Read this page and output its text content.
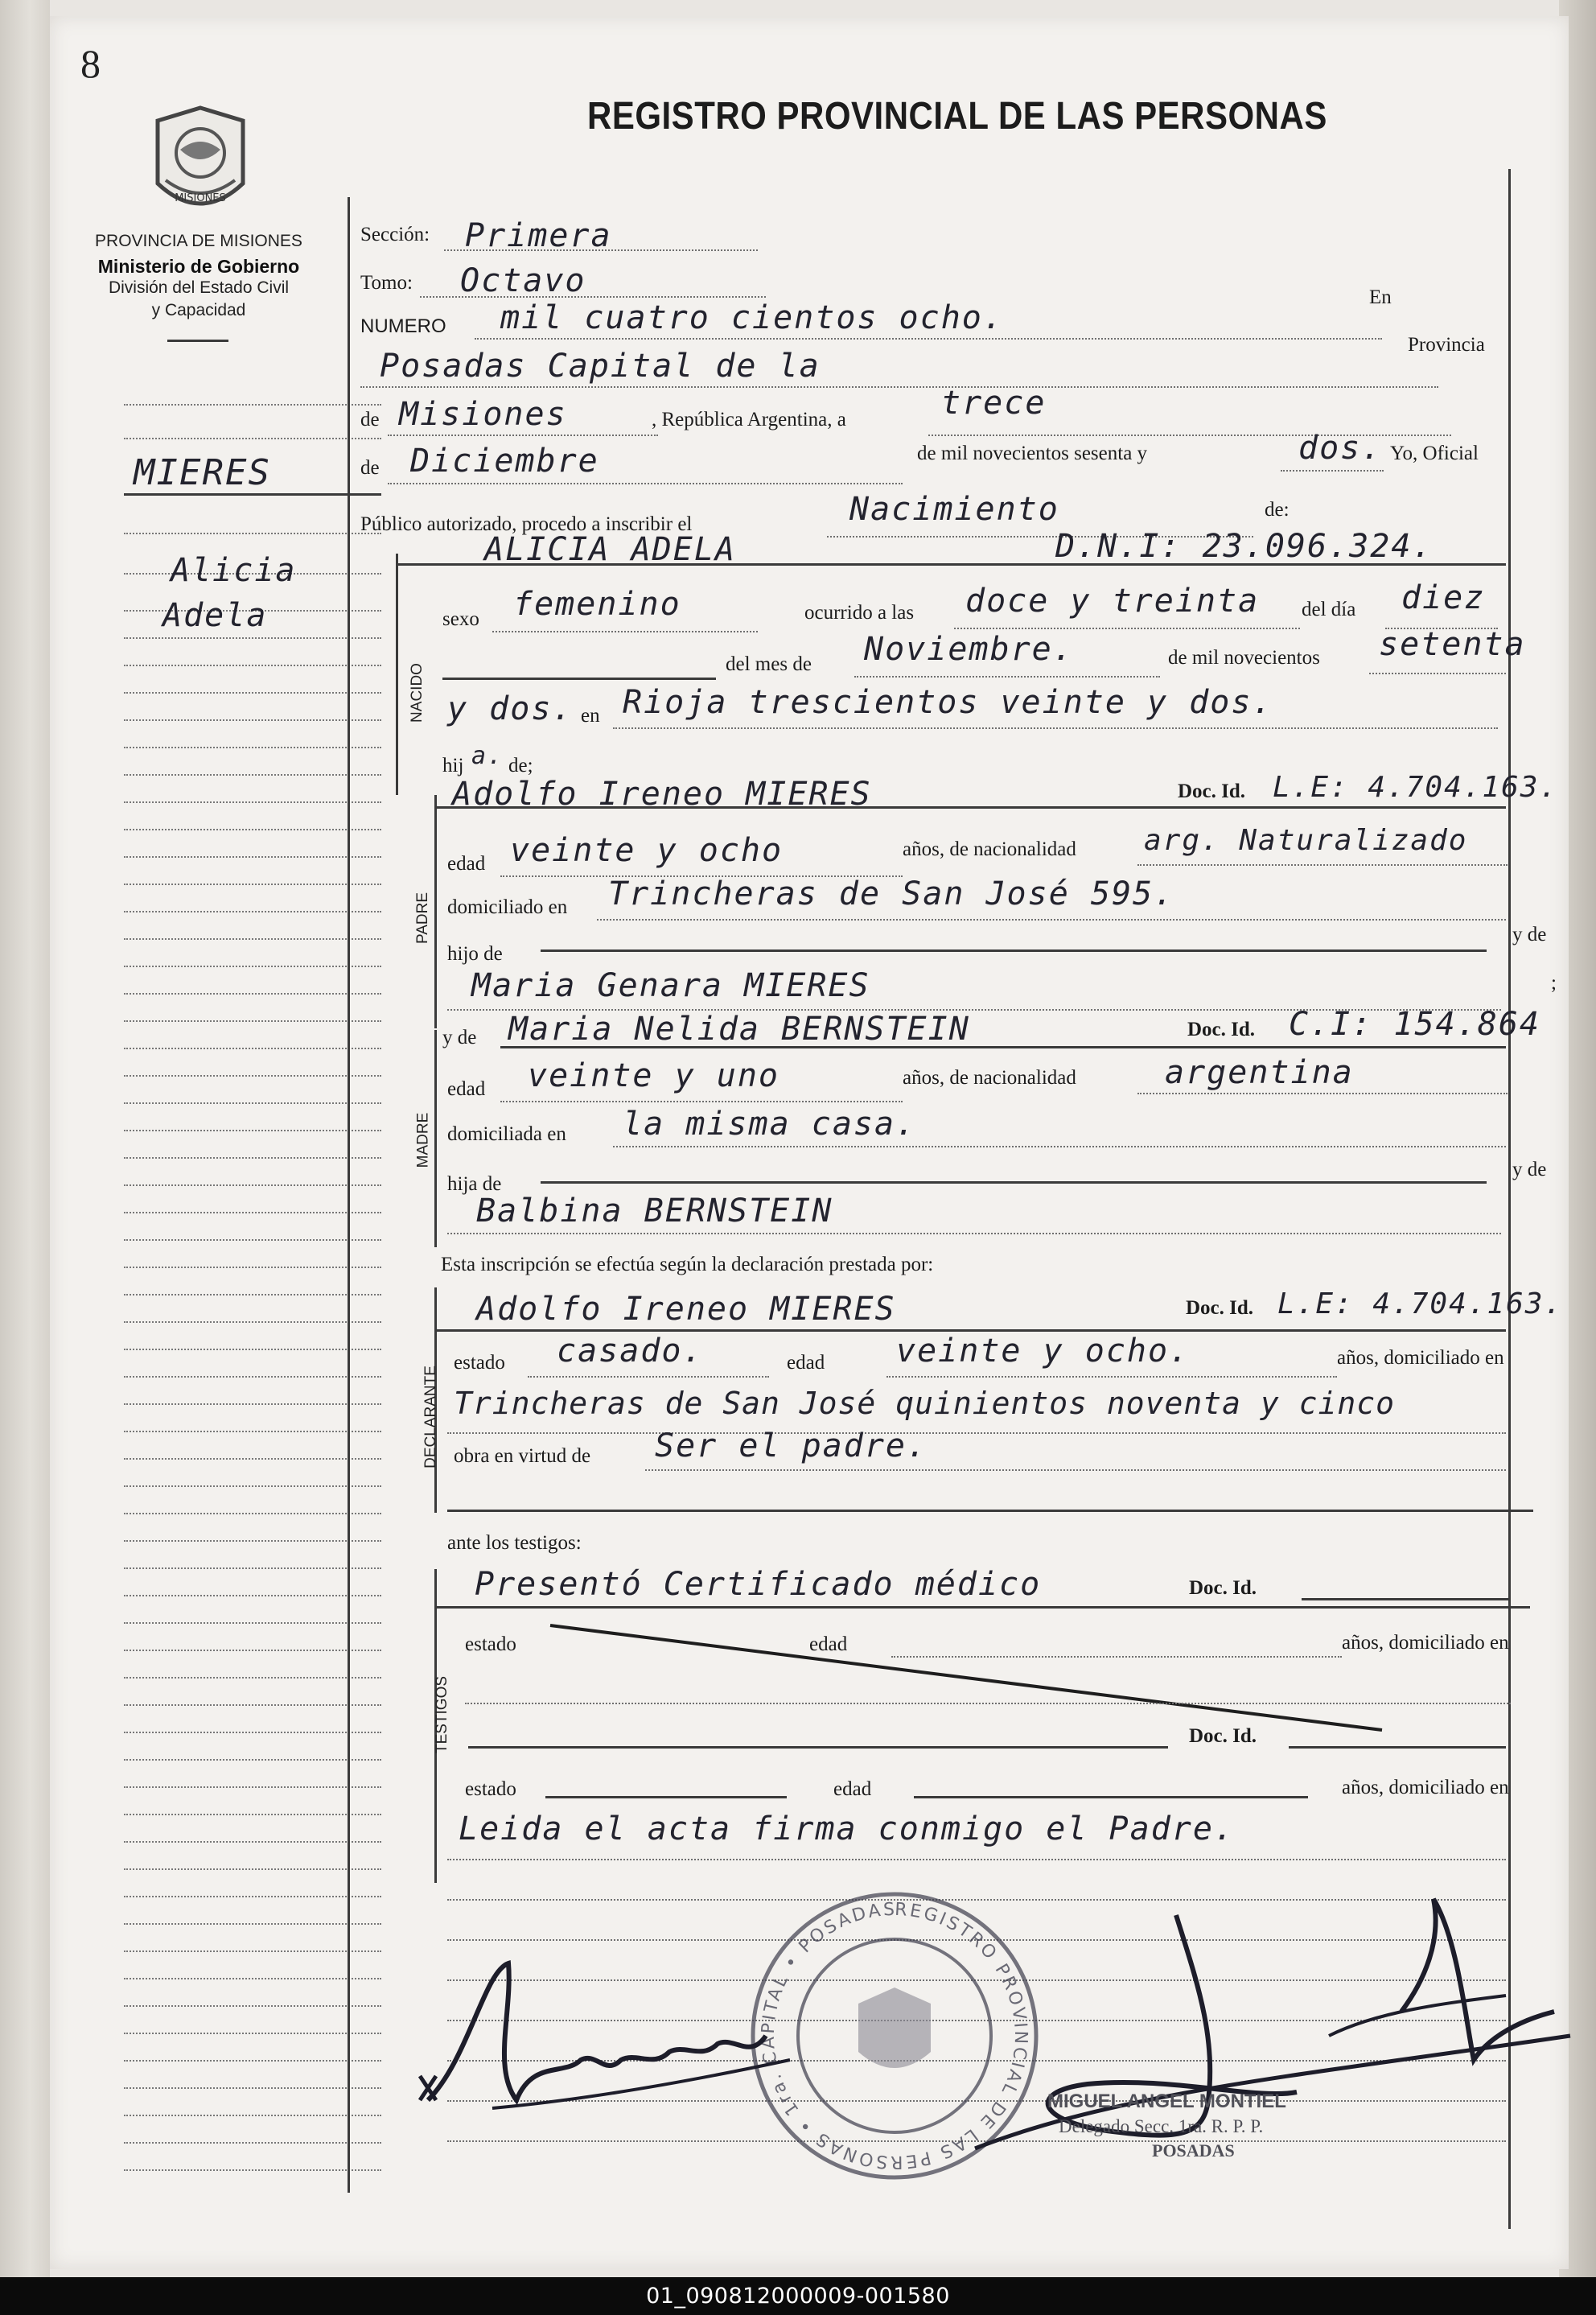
8
REGISTRO PROVINCIAL DE LAS PERSONAS
MISIONES
PROVINCIA DE MISIONES
Ministerio de Gobierno
División del Estado Civil
y Capacidad
MIERES
Alicia
Adela
Sección: Primera
Tomo: Octavo
NUMERO mil cuatro cientos ocho.
En
Posadas Capital de la
Provincia
de Misiones	, República Argentina, a	trece
de Diciembre	de mil novecientos sesenta y	dos. Yo, Oficial
Público autorizado, procedo a inscribir el	Nacimiento	de:
NACIDO
ALICIA ADELA	D.N.I: 23.096.324.
sexo femenino	ocurrido a las doce y treinta del día diez
del mes de Noviembre.	de mil novecientos setenta
y dos. en Rioja trescientos veinte y dos.
hij a. de;
PADRE
Adolfo Ireneo MIERES	Doc. Id. L.E: 4.704.163.
edad veinte y ocho	años, de nacionalidad arg. Naturalizado
domiciliado en Trincheras de San José 595.
hijo de
y de
Maria Genara MIERES	;
MADRE
y de Maria Nelida BERNSTEIN	Doc. Id. C.I: 154.864
edad veinte y uno	años, de nacionalidad	argentina
domiciliada en la misma casa.
hija de
y de
Balbina BERNSTEIN
Esta inscripción se efectúa según la declaración prestada por:
DECLARANTE
Adolfo Ireneo MIERES	Doc. Id. L.E: 4.704.163.
estado casado.	edad veinte y ocho.	años, domiciliado en
Trincheras de San José quinientos noventa y cinco
obra en virtud de Ser el padre.
ante los testigos:
TESTIGOS
Presentó Certificado médico	Doc. Id.
estado	edad	años, domiciliado en
Doc. Id.
estado	edad	años, domiciliado en
Leida el acta firma conmigo el Padre.
REGISTRO PROVINCIAL DE LAS PERSONAS • 1ra. CAPITAL • POSADAS
MIGUEL ANGEL MONTIEL
Delegado Secc. 1ra. R. P. P.
POSADAS
01_090812000009-001580
